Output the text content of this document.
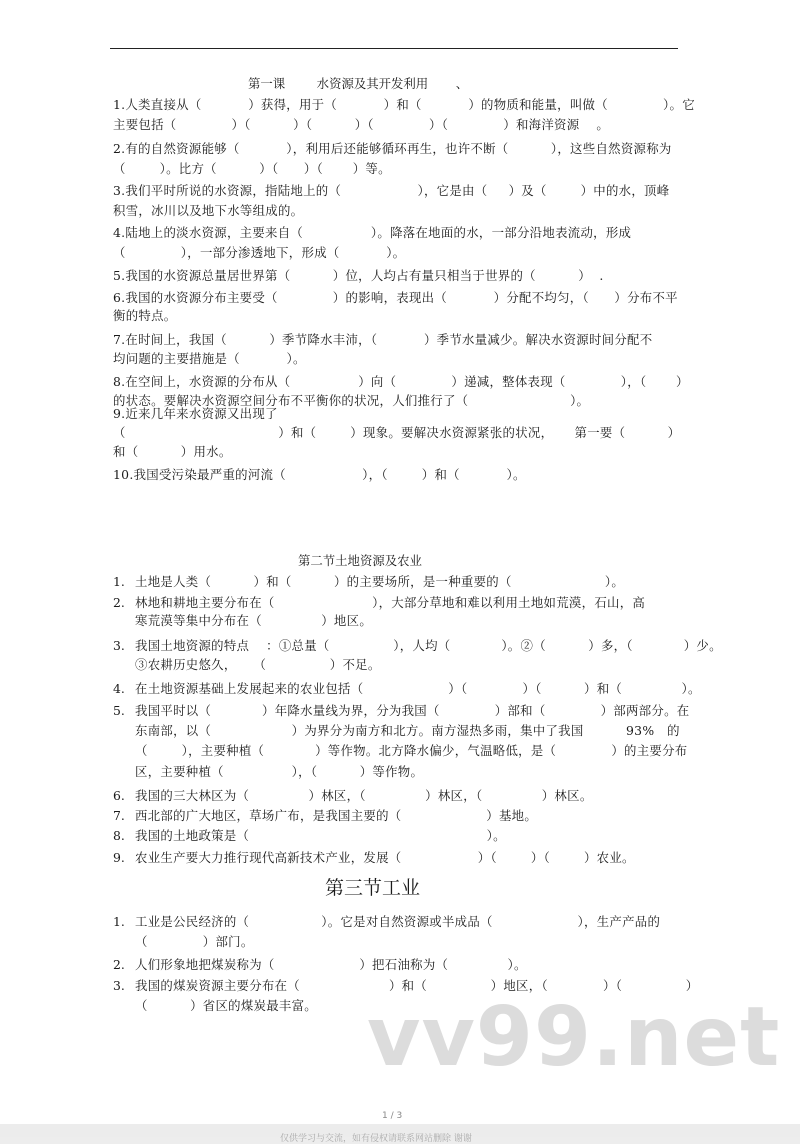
第一课        水资源及其开发利用       、
1.人类直接从（           ）获得，用于（           ）和（           ）的物质和能量，叫做（             ）。它
主要包括（             ）（          ）（          ）（             ）（             ）和海洋资源    。
2.有的自然资源能够（           ），利用后还能够循环再生，也许不断（          ），这些自然资源称为
（        ）。比方（          ）（      ）（       ）等。
3.我们平时所说的水资源，指陆地上的（                  ），它是由（     ）及（        ）中的水，顶峰
积雪，冰川以及地下水等组成的。
4.陆地上的淡水资源，主要来自（                ）。降落在地面的水，一部分沿地表流动，形成
（             ），一部分渗透地下，形成（           ）。
5.我国的水资源总量居世界第（          ）位，人均占有量只相当于世界的（          ）  .
6.我国的水资源分布主要受（             ）的影响，表现出（           ）分配不均匀，（      ）分布不平
衡的特点。
7.在时间上，我国（          ）季节降水丰沛，（           ）季节水量减少。解决水资源时间分配不
均问题的主要措施是（           ）。
8.在空间上，水资源的分布从（                ）向（             ）递减，整体表现（             ），（       ）
的状态。要解决水资源空间分布不平衡你的状况，人们推行了（                        ）。
9.近来几年来水资源又出现了
（                                    ）和（        ）现象。要解决水资源紧张的状况，     第一要（          ）
和（          ）用水。
10.我国受污染最严重的河流（                  ），（        ）和（           ）。
第二节土地资源及农业
1. 土地是人类（          ）和（          ）的主要场所，是一种重要的（                      ）。
2. 林地和耕地主要分布在（                       ），大部分草地和难以利用土地如荒漠，石山，高
寒荒漠等集中分布在（              ）地区。
3. 我国土地资源的特点    ：①总量（               ），人均（            ）。②（          ）多，（            ）少。
③农耕历史悠久，    （               ）不足。
4. 在土地资源基础上发展起来的农业包括（                    ）（             ）（          ）和（              ）。
5. 我国平时以（            ）年降水量线为界，分为我国（             ）部和（             ）部两部分。在
东南部，以（                   ）为界分为南方和北方。南方湿热多雨，集中了我国          93%   的
（        ），主要种植（            ）等作物。北方降水偏少，气温略低，是（             ）的主要分布
区，主要种植（                ），（          ）等作物。
6. 我国的三大林区为（              ）林区，（              ）林区，（              ）林区。
7. 西北部的广大地区，草场广布，是我国主要的（                    ）基地。
8. 我国的土地政策是（                                                        ）。
9. 农业生产要大力推行现代高新技术产业，发展（                  ）（        ）（        ）农业。
第三节工业
1. 工业是公民经济的（                 ）。它是对自然资源或半成品（                    ），生产产品的
（             ）部门。
2. 人们形象地把煤炭称为（                    ）把石油称为（              ）。
3. 我国的煤炭资源主要分布在（                     ）和（               ）地区，（             ）（               ）
（          ）省区的煤炭最丰富。 vv99.net
1 / 3
仅供学习与交流，如有侵权请联系网站删除 谢谢
